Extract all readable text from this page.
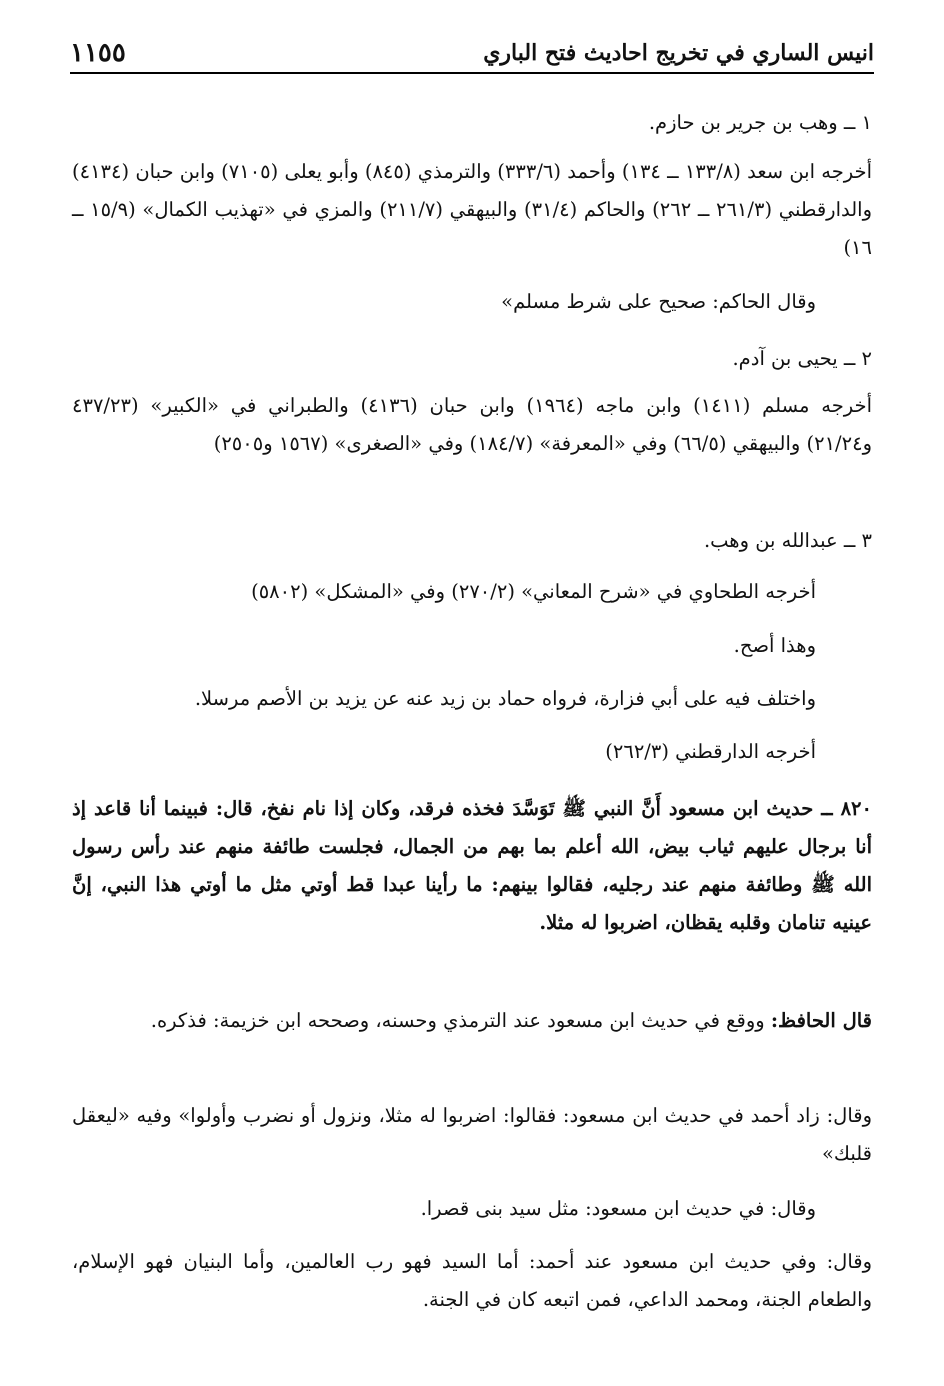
انيس الساري في تخريج احاديث فتح الباري
١١٥٥

١ ــ وهب بن جرير بن حازم.

أخرجه ابن سعد (١٣٣/٨ ــ ١٣٤) وأحمد (٣٣٣/٦) والترمذي (٨٤٥) وأبو يعلى (٧١٠٥) وابن حبان (٤١٣٤) والدارقطني (٢٦١/٣ ــ ٢٦٢) والحاكم (٣١/٤) والبيهقي (٢١١/٧) والمزي في «تهذيب الكمال» (١٥/٩ ــ ١٦)

وقال الحاكم: صحيح على شرط مسلم»

٢ ــ يحيى بن آدم.

أخرجه مسلم (١٤١١) وابن ماجه (١٩٦٤) وابن حبان (٤١٣٦) والطبراني في «الكبير» (٤٣٧/٢٣ و٢١/٢٤) والبيهقي (٦٦/٥) وفي «المعرفة» (١٨٤/٧) وفي «الصغرى» (١٥٦٧ و٢٥٠٥)

٣ ــ عبدالله بن وهب.

أخرجه الطحاوي في «شرح المعاني» (٢٧٠/٢) وفي «المشكل» (٥٨٠٢)

وهذا أصح.

واختلف فيه على أبي فزارة، فرواه حماد بن زيد عنه عن يزيد بن الأصم مرسلا.

أخرجه الدارقطني (٢٦٢/٣)

٨٢٠ ــ حديث ابن مسعود أَنَّ النبي ﷺ تَوَسَّدَ فخذه فرقد، وكان إذا نام نفخ، قال: فبينما أنا قاعد إذ أنا برجال عليهم ثياب بيض، الله أعلم بما بهم من الجمال، فجلست طائفة منهم عند رأس رسول الله ﷺ وطائفة منهم عند رجليه، فقالوا بينهم: ما رأينا عبدا قط أوتي مثل ما أوتي هذا النبي، إنَّ عينيه تنامان وقلبه يقظان، اضربوا له مثلا.

قال الحافظ: ووقع في حديث ابن مسعود عند الترمذي وحسنه، وصححه ابن خزيمة: فذكره.

وقال: زاد أحمد في حديث ابن مسعود: فقالوا: اضربوا له مثلا، ونزول أو نضرب وأولوا» وفيه «ليعقل قلبك»

وقال: في حديث ابن مسعود: مثل سيد بنى قصرا.

وقال: وفي حديث ابن مسعود عند أحمد: أما السيد فهو رب العالمين، وأما البنيان فهو الإسلام، والطعام الجنة، ومحمد الداعي، فمن اتبعه كان في الجنة.
